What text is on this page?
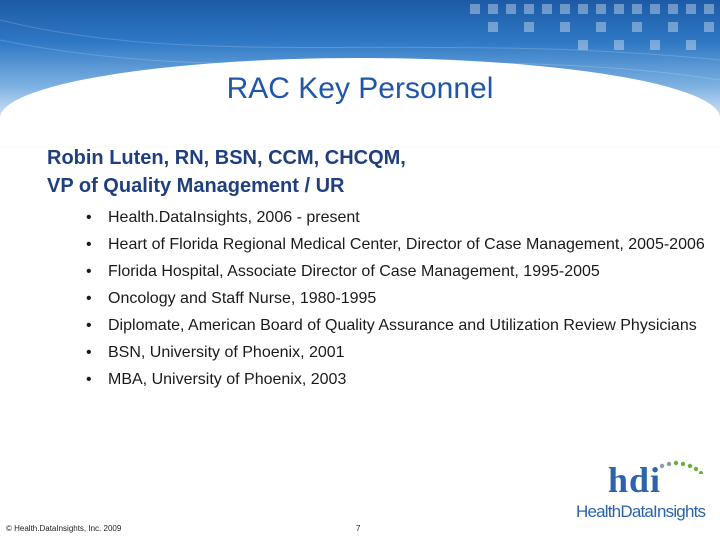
RAC Key Personnel
Robin Luten, RN, BSN, CCM, CHCQM,
VP of Quality Management / UR
• Health.DataInsights, 2006 - present
• Heart of Florida Regional Medical Center, Director of Case Management, 2005-2006
• Florida Hospital, Associate Director of Case Management, 1995-2005
• Oncology and Staff Nurse, 1980-1995
• Diplomate, American Board of Quality Assurance and Utilization Review Physicians
• BSN, University of Phoenix, 2001
• MBA, University of Phoenix, 2003
hdi
HealthDataInsights
© Health.DataInsights, Inc. 2009	7
